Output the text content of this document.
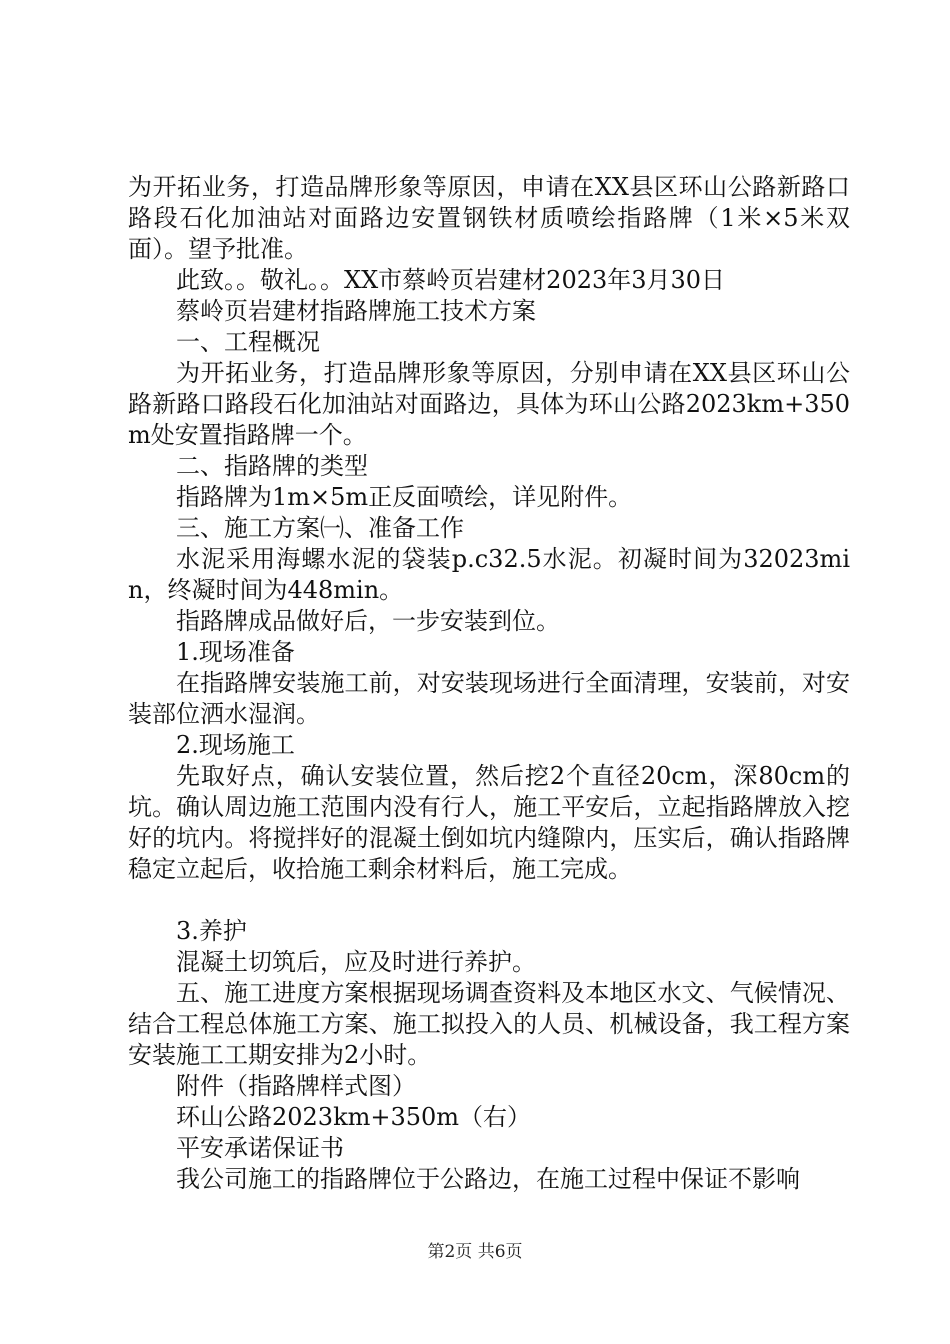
为开拓业务，打造品牌形象等原因，申请在XX县区环山公路新路口路段石化加油站对面路边安置钢铁材质喷绘指路牌（1米×5米双面）。望予批准。

此致。。敬礼。。XX市蔡岭页岩建材2023年3月30日

蔡岭页岩建材指路牌施工技术方案

一、工程概况

为开拓业务，打造品牌形象等原因，分别申请在XX县区环山公路新路口路段石化加油站对面路边，具体为环山公路2023km+350m处安置指路牌一个。

二、指路牌的类型

指路牌为1m×5m正反面喷绘，详见附件。

三、施工方案㈠、准备工作

水泥采用海螺水泥的袋装p.c32.5水泥。初凝时间为32023min，终凝时间为448min。

指路牌成品做好后，一步安装到位。

1.现场准备

在指路牌安装施工前，对安装现场进行全面清理，安装前，对安装部位洒水湿润。

2.现场施工

先取好点，确认安装位置，然后挖2个直径20cm，深80cm的坑。确认周边施工范围内没有行人，施工平安后，立起指路牌放入挖好的坑内。将搅拌好的混凝土倒如坑内缝隙内，压实后，确认指路牌稳定立起后，收拾施工剩余材料后，施工完成。

3.养护

混凝土切筑后，应及时进行养护。

五、施工进度方案根据现场调查资料及本地区水文、气候情况、结合工程总体施工方案、施工拟投入的人员、机械设备，我工程方案安装施工工期安排为2小时。

附件（指路牌样式图）

环山公路2023km+350m（右）

平安承诺保证书

我公司施工的指路牌位于公路边，在施工过程中保证不影响

第2页 共6页
